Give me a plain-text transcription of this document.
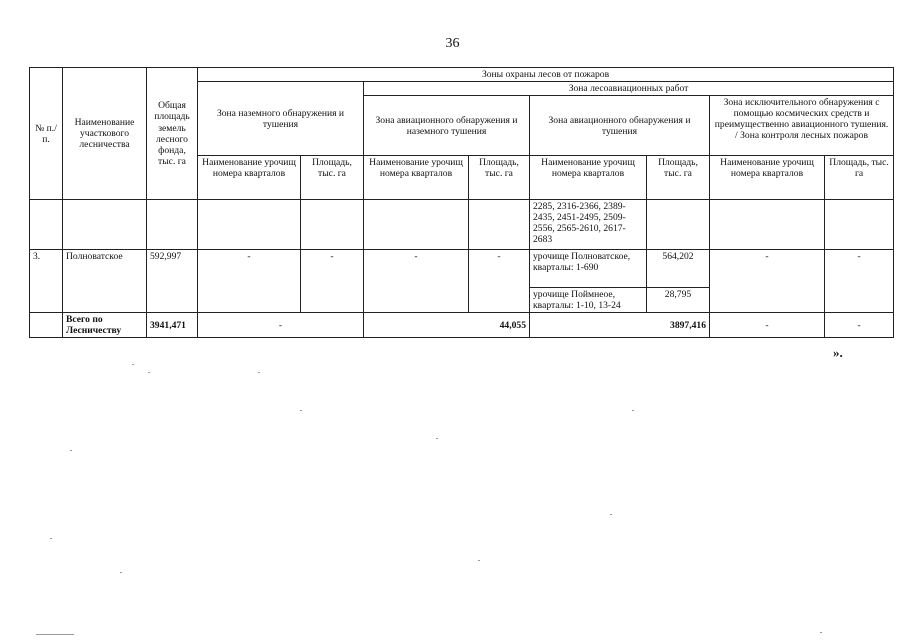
36
№ п./п.	Наименование участкового лесничества	Общая площадь земель лесного фонда, тыс. га	Зоны охраны лесов от пожаров							
			Зона наземного обнаружения и тушения		Зона лесоавиационных работ					
					Зона авиационного обнаружения и наземного тушения		Зона авиационного обнаружения и тушения		Зона исключительного обнаружения с помощью космических средств и преимущественно авиационного тушения. / Зона контроля лесных пожаров	
			Наименование урочищ номера кварталов	Площадь, тыс. га	Наименование урочищ номера кварталов	Площадь, тыс. га	Наименование урочищ номера кварталов	Площадь, тыс. га	Наименование урочищ номера кварталов	Площадь, тыс. га
							2285, 2316-2366, 2389-2435, 2451-2495, 2509-2556, 2565-2610, 2617-2683			
3.	Полноватское	592,997	-	-	-	-	урочище Полноватское, кварталы: 1-690	564,202	-	-
							урочище Поймнеое, кварталы: 1-10, 13-24	28,795		
	Всего по Лесничеству	3941,471	-		44,055		3897,416		-	-
».
